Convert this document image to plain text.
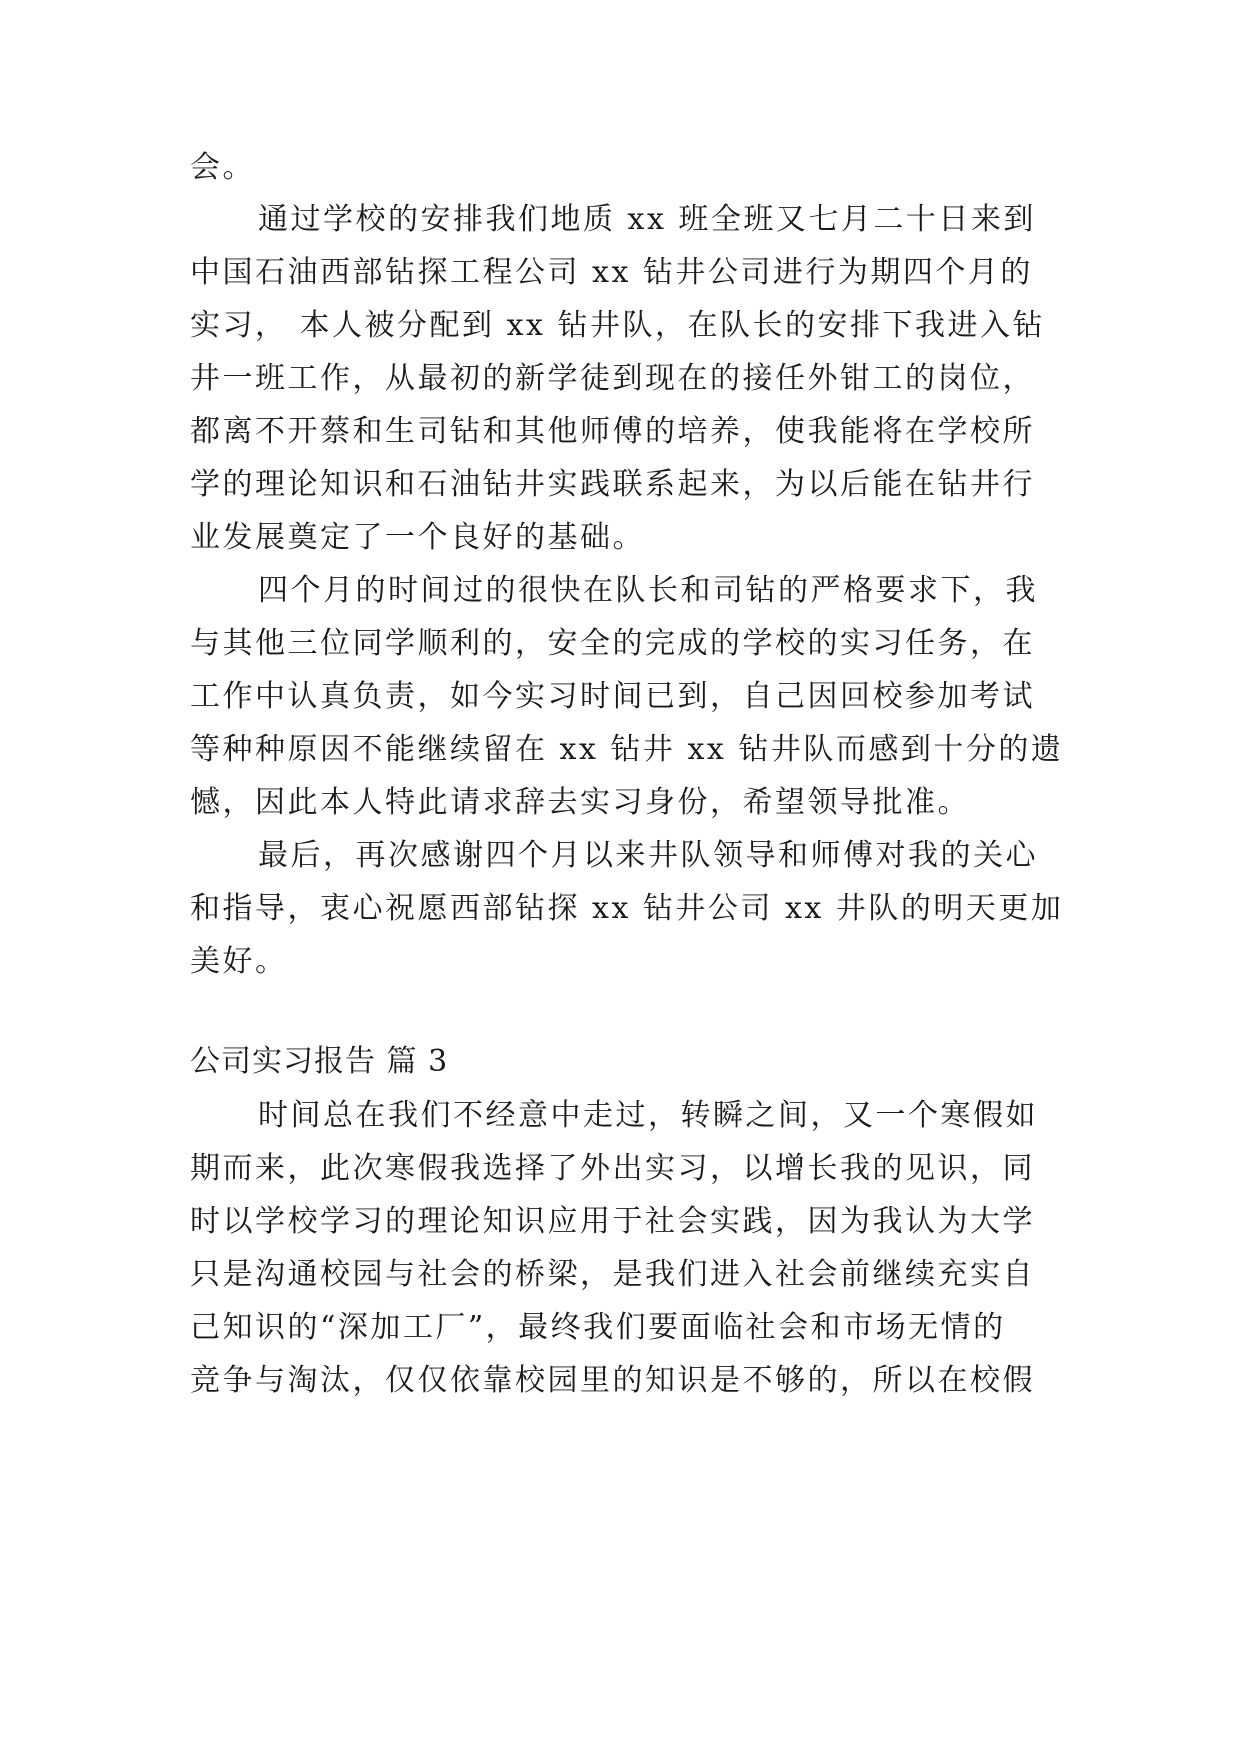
会。
通过学校的安排我们地质 xx 班全班又七月二十日来到
中国石油西部钻探工程公司 xx 钻井公司进行为期四个月的
实习， 本人被分配到 xx 钻井队，在队长的安排下我进入钻
井一班工作，从最初的新学徒到现在的接任外钳工的岗位，
都离不开蔡和生司钻和其他师傅的培养，使我能将在学校所
学的理论知识和石油钻井实践联系起来，为以后能在钻井行
业发展奠定了一个良好的基础。
四个月的时间过的很快在队长和司钻的严格要求下，我
与其他三位同学顺利的，安全的完成的学校的实习任务，在
工作中认真负责，如今实习时间已到，自己因回校参加考试
等种种原因不能继续留在 xx 钻井 xx 钻井队而感到十分的遗
憾，因此本人特此请求辞去实习身份，希望领导批准。
最后，再次感谢四个月以来井队领导和师傅对我的关心
和指导，衷心祝愿西部钻探 xx 钻井公司 xx 井队的明天更加
美好。
公司实习报告 篇 3
时间总在我们不经意中走过，转瞬之间，又一个寒假如
期而来，此次寒假我选择了外出实习，以增长我的见识，同
时以学校学习的理论知识应用于社会实践，因为我认为大学
只是沟通校园与社会的桥梁，是我们进入社会前继续充实自
己知识的“深加工厂”，最终我们要面临社会和市场无情的
竞争与淘汰，仅仅依靠校园里的知识是不够的，所以在校假
